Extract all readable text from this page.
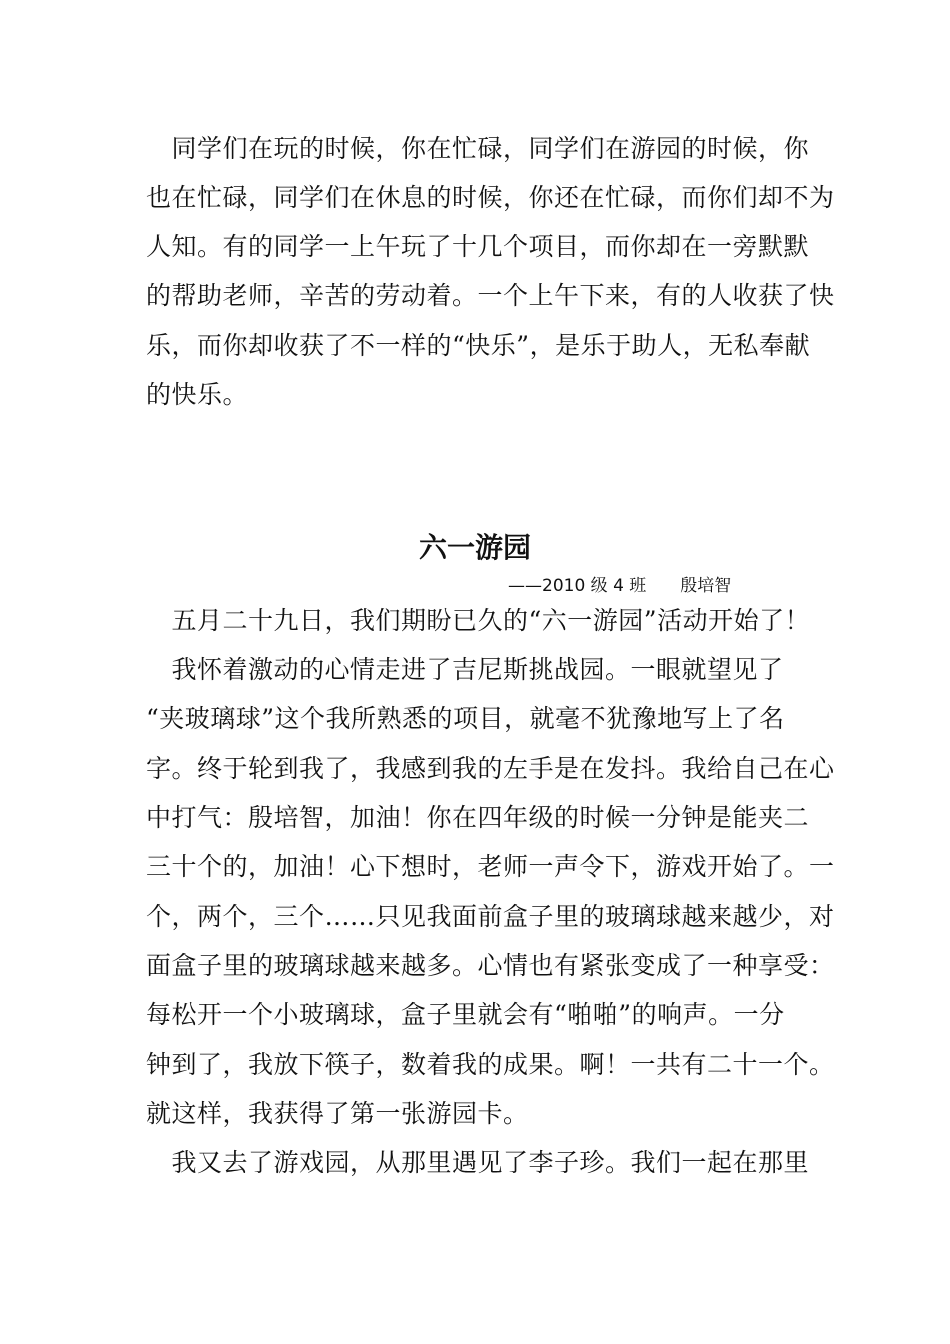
　同学们在玩的时候，你在忙碌，同学们在游园的时候，你
也在忙碌，同学们在休息的时候，你还在忙碌，而你们却不为
人知。有的同学一上午玩了十几个项目，而你却在一旁默默
的帮助老师，辛苦的劳动着。一个上午下来，有的人收获了快
乐，而你却收获了不一样的“快乐”，是乐于助人，无私奉献
的快乐。
六一游园
——2010 级 4 班　　殷培智
　五月二十九日，我们期盼已久的“六一游园”活动开始了！
　我怀着激动的心情走进了吉尼斯挑战园。一眼就望见了
“夹玻璃球”这个我所熟悉的项目，就毫不犹豫地写上了名
字。终于轮到我了，我感到我的左手是在发抖。我给自己在心
中打气：殷培智，加油！你在四年级的时候一分钟是能夹二
三十个的，加油！心下想时，老师一声令下，游戏开始了。一
个，两个，三个……只见我面前盒子里的玻璃球越来越少，对
面盒子里的玻璃球越来越多。心情也有紧张变成了一种享受：
每松开一个小玻璃球，盒子里就会有“啪啪”的响声。一分
钟到了，我放下筷子，数着我的成果。啊！一共有二十一个。
就这样，我获得了第一张游园卡。
　我又去了游戏园，从那里遇见了李子珍。我们一起在那里
